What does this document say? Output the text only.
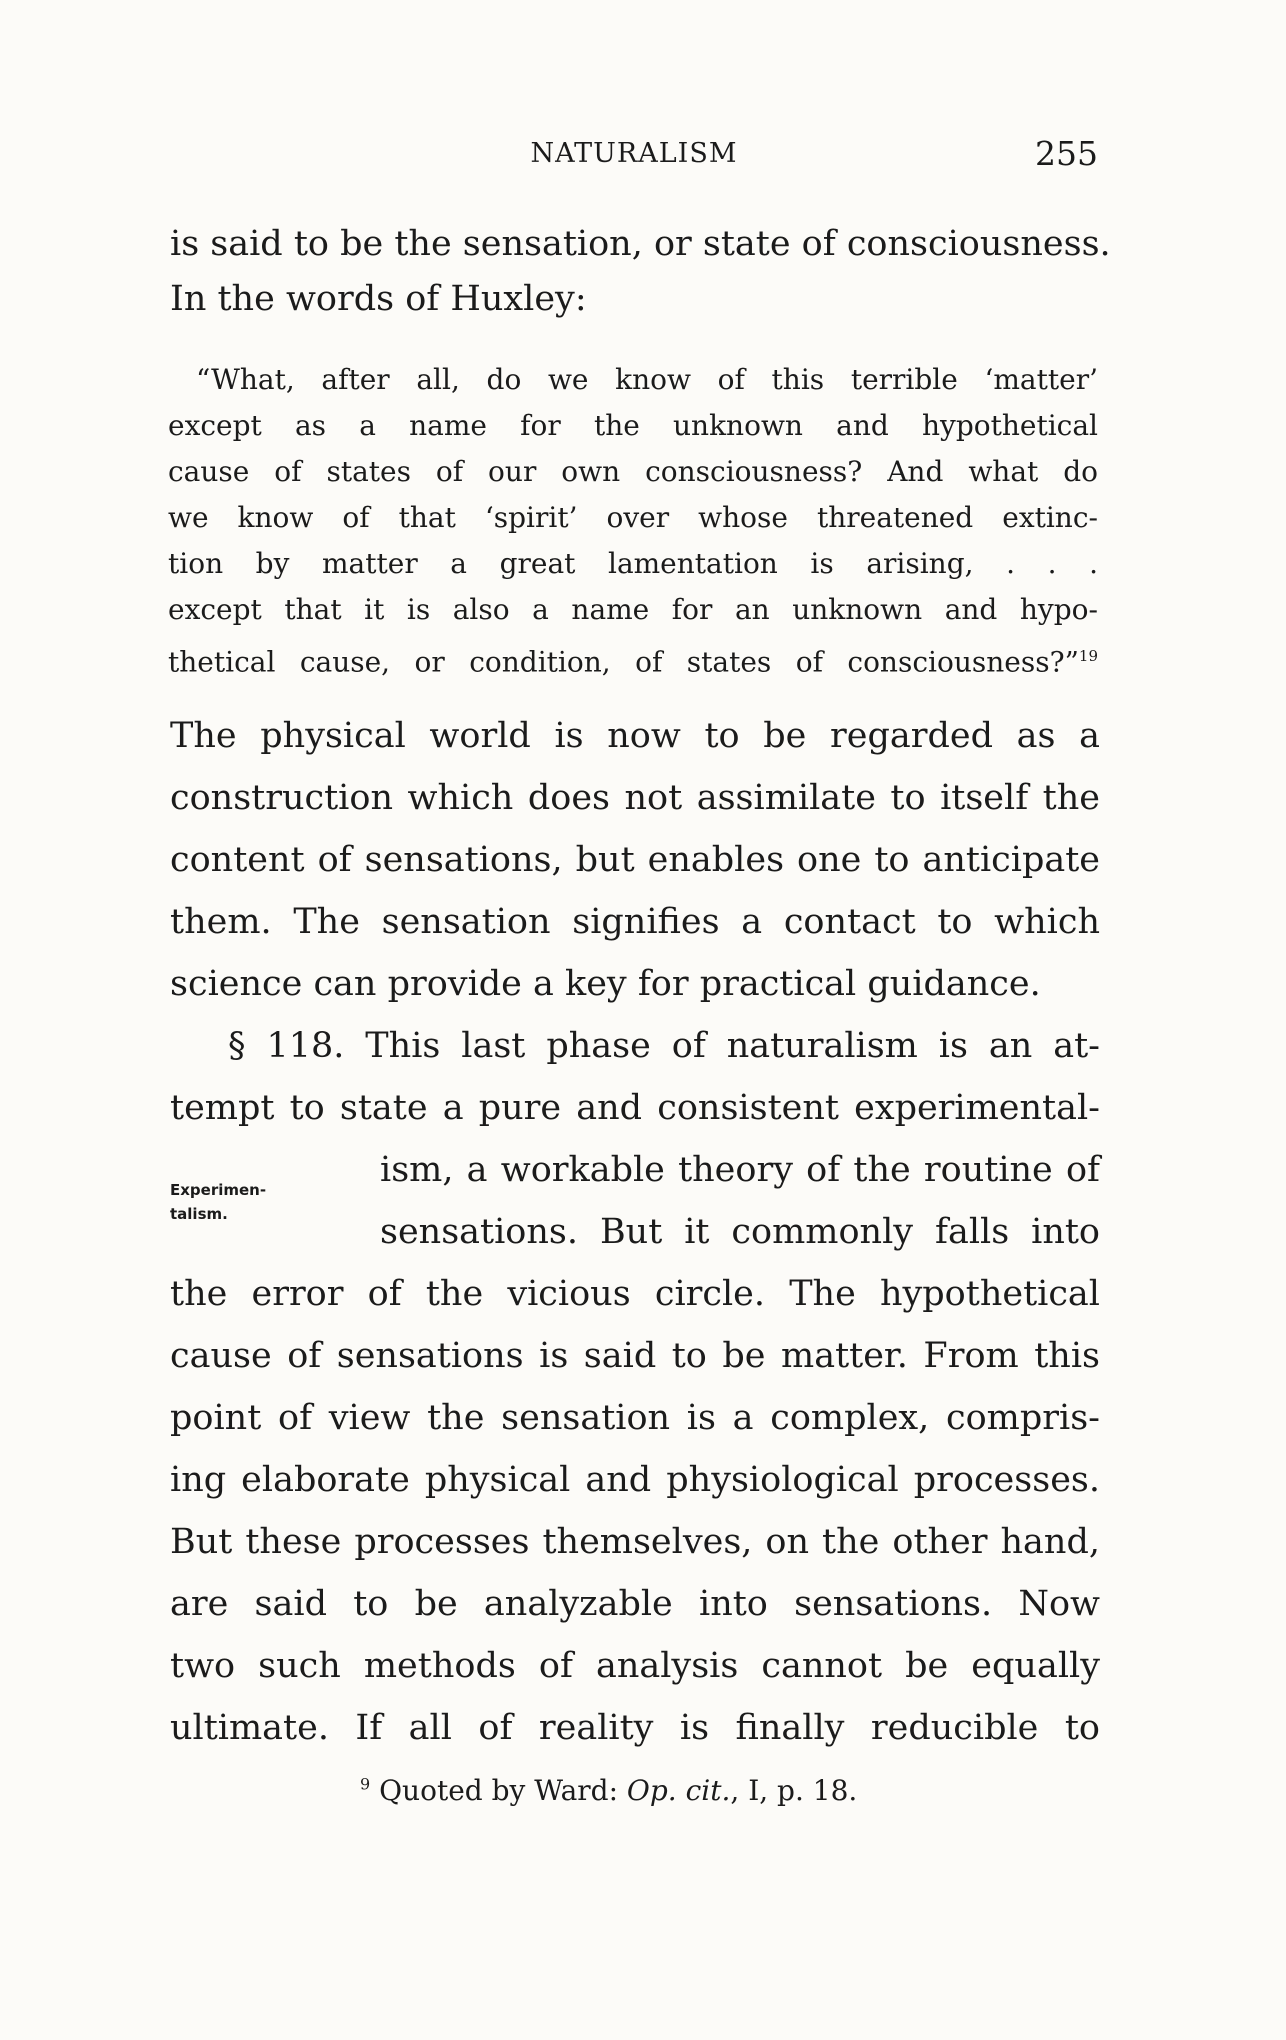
NATURALISM	255
is said to be the sensation, or state of consciousness.
In the words of Huxley:
“What, after all, do we know of this terrible ‘matter’
except as a name for the unknown and hypothetical
cause of states of our own consciousness? And what do
we know of that ‘spirit’ over whose threatened extinc-
tion by matter a great lamentation is arising, . . .
except that it is also a name for an unknown and hypo-
thetical cause, or condition, of states of consciousness?”$^{19}$
The physical world is now to be regarded as a
construction which does not assimilate to itself the
content of sensations, but enables one to anticipate
them. The sensation signifies a contact to which
science can provide a key for practical guidance.
§ 118. This last phase of naturalism is an at-
tempt to state a pure and consistent experimental-
Experimen-
talism.
ism, a workable theory of the routine of
sensations. But it commonly falls into
the error of the vicious circle. The hypothetical
cause of sensations is said to be matter. From this
point of view the sensation is a complex, compris-
ing elaborate physical and physiological processes.
But these processes themselves, on the other hand,
are said to be analyzable into sensations. Now
two such methods of analysis cannot be equally
ultimate. If all of reality is finally reducible to
$^9$ Quoted by Ward: Op. cit., I, p. 18.
